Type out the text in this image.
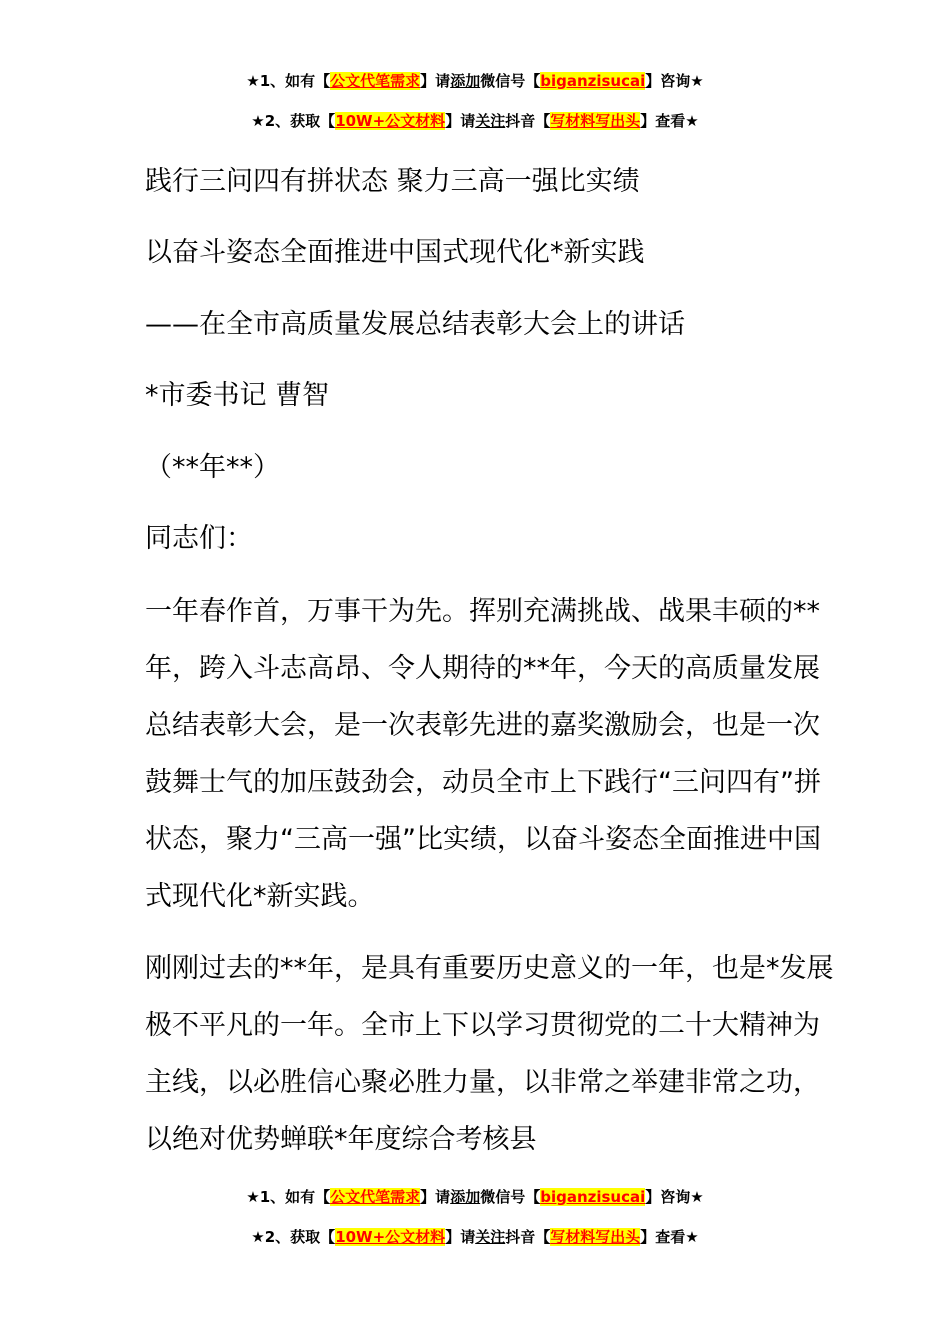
★1、如有【公文代笔需求】请添加微信号【biganzisucai】咨询★
★2、获取【10W+公文材料】请关注抖音【写材料写出头】查看★
践行三问四有拼状态 聚力三高一强比实绩
以奋斗姿态全面推进中国式现代化*新实践
——在全市高质量发展总结表彰大会上的讲话
*市委书记 曹智
（**年**）
同志们：
一年春作首，万事干为先。挥别充满挑战、战果丰硕的**年，跨入斗志高昂、令人期待的**年，今天的高质量发展总结表彰大会，是一次表彰先进的嘉奖激励会，也是一次鼓舞士气的加压鼓劲会，动员全市上下践行“三问四有”拼状态，聚力“三高一强”比实绩，以奋斗姿态全面推进中国式现代化*新实践。
刚刚过去的**年，是具有重要历史意义的一年，也是*发展极不平凡的一年。全市上下以学习贯彻党的二十大精神为主线，以必胜信心聚必胜力量，以非常之举建非常之功，以绝对优势蝉联*年度综合考核县
★1、如有【公文代笔需求】请添加微信号【biganzisucai】咨询★
★2、获取【10W+公文材料】请关注抖音【写材料写出头】查看★
